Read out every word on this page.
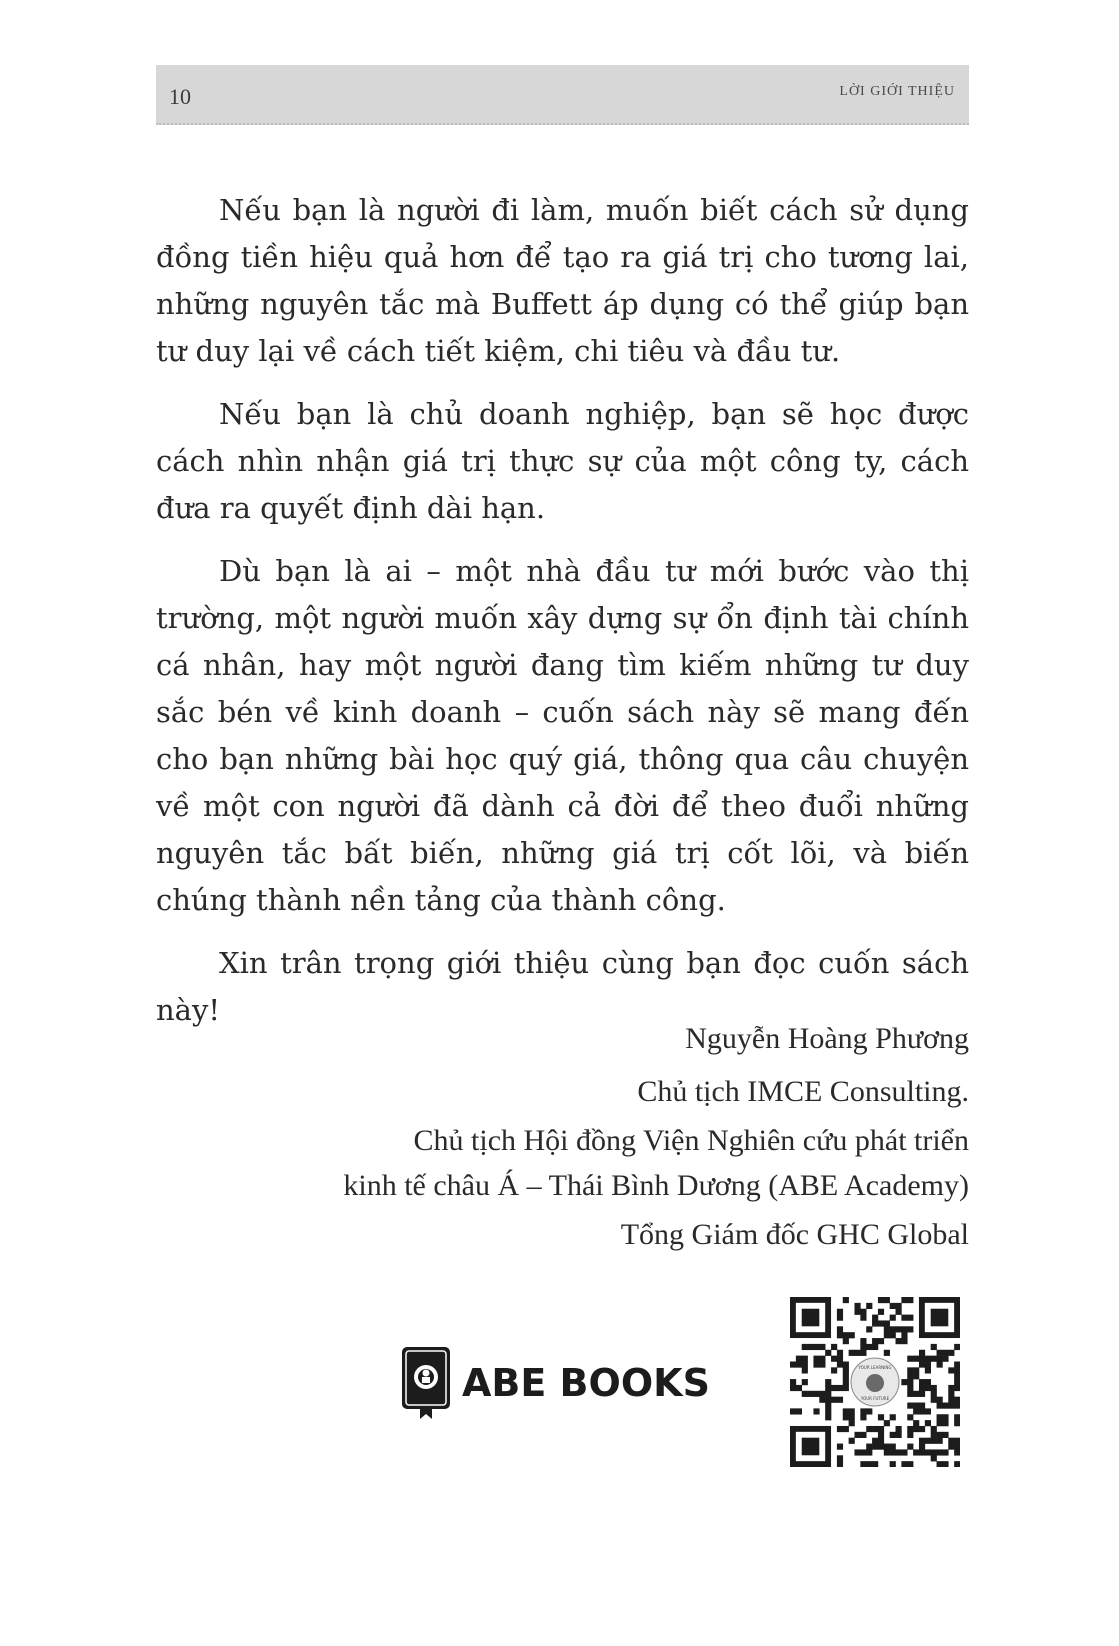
10	LỜI GIỚI THIỆU

Nếu bạn là người đi làm, muốn biết cách sử dụng đồng tiền hiệu quả hơn để tạo ra giá trị cho tương lai, những nguyên tắc mà Buffett áp dụng có thể giúp bạn tư duy lại về cách tiết kiệm, chi tiêu và đầu tư.

Nếu bạn là chủ doanh nghiệp, bạn sẽ học được cách nhìn nhận giá trị thực sự của một công ty, cách đưa ra quyết định dài hạn.

Dù bạn là ai – một nhà đầu tư mới bước vào thị trường, một người muốn xây dựng sự ổn định tài chính cá nhân, hay một người đang tìm kiếm những tư duy sắc bén về kinh doanh – cuốn sách này sẽ mang đến cho bạn những bài học quý giá, thông qua câu chuyện về một con người đã dành cả đời để theo đuổi những nguyên tắc bất biến, những giá trị cốt lõi, và biến chúng thành nền tảng của thành công.

Xin trân trọng giới thiệu cùng bạn đọc cuốn sách này!

Nguyễn Hoàng Phương
Chủ tịch IMCE Consulting.
Chủ tịch Hội đồng Viện Nghiên cứu phát triển
kinh tế châu Á – Thái Bình Dương (ABE Academy)
Tổng Giám đốc GHC Global
ABE BOOKS	YOUR LEARNING
YOUR FUTURE
